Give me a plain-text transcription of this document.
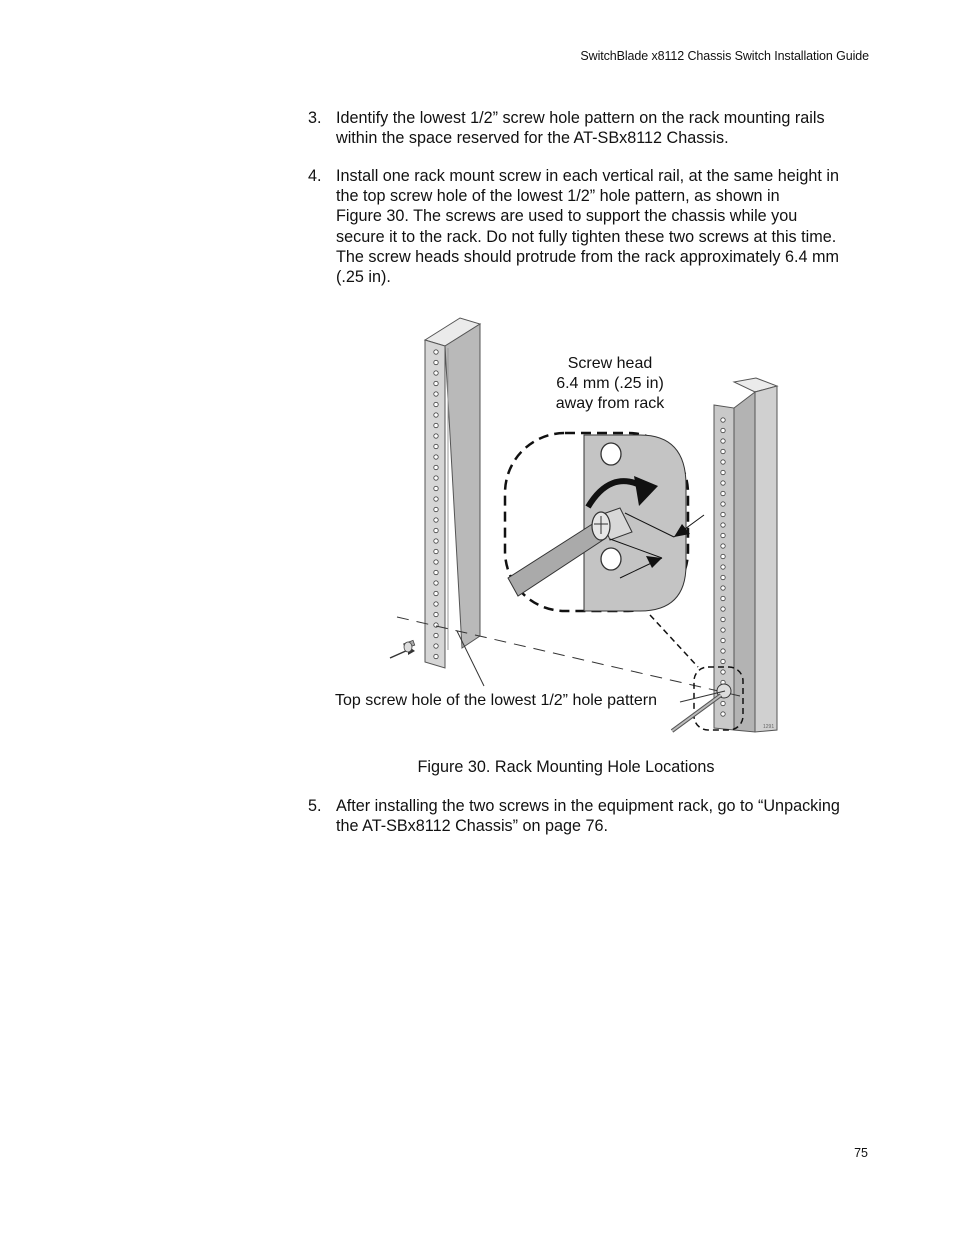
SwitchBlade x8112 Chassis Switch Installation Guide
3. Identify the lowest 1/2” screw hole pattern on the rack mounting rails
within the space reserved for the AT-SBx8112 Chassis.
4. Install one rack mount screw in each vertical rail, at the same height in
the top screw hole of the lowest 1/2” hole pattern, as shown in
Figure 30. The screws are used to support the chassis while you
secure it to the rack. Do not fully tighten these two screws at this time.
The screw heads should protrude from the rack approximately 6.4 mm
(.25 in).
1291
Screw head
6.4 mm (.25 in)
away from rack
Top screw hole of the lowest 1/2” hole pattern
Figure 30. Rack Mounting Hole Locations
5. After installing the two screws in the equipment rack, go to “Unpacking
the AT-SBx8112 Chassis” on page 76.
75
